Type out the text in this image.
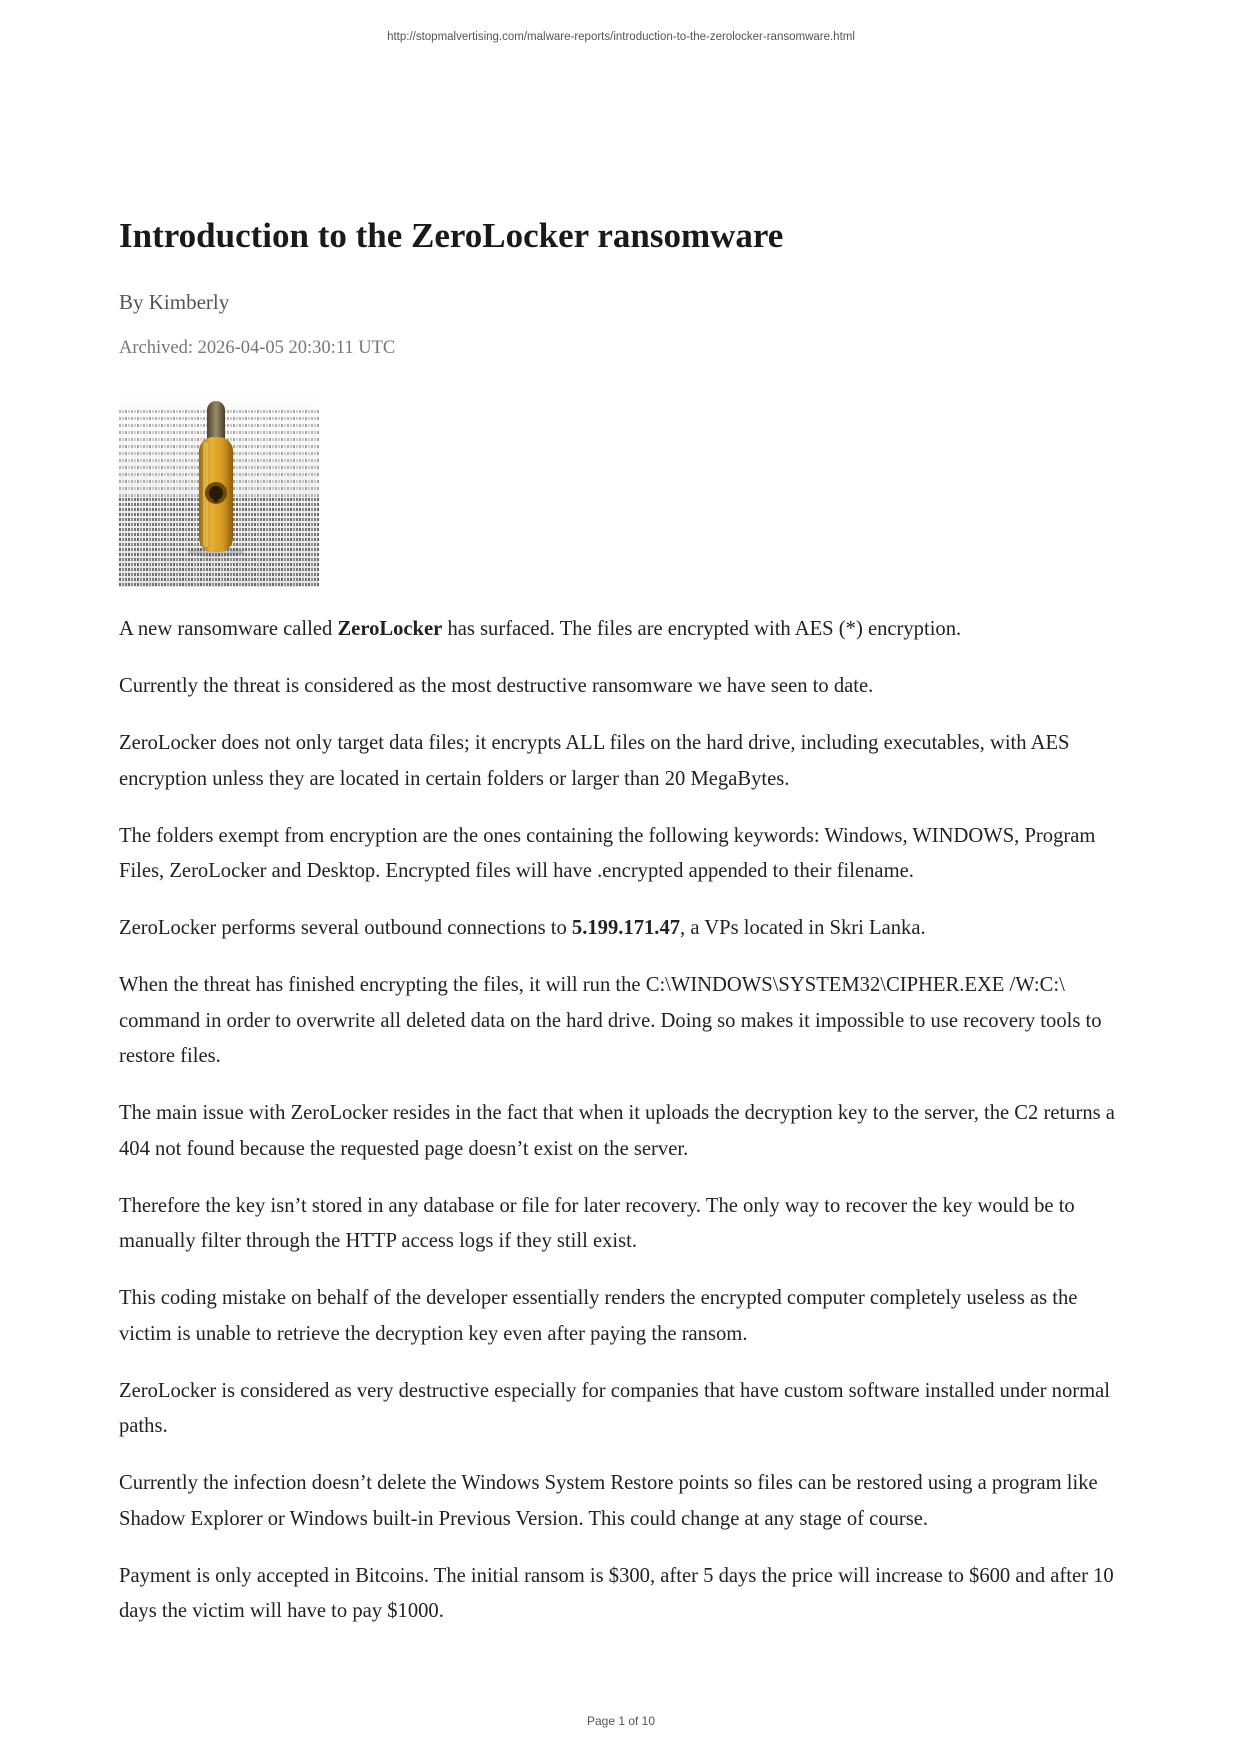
http://stopmalvertising.com/malware-reports/introduction-to-the-zerolocker-ransomware.html
Introduction to the ZeroLocker ransomware
By Kimberly
Archived: 2026-04-05 20:30:11 UTC

A new ransomware called ZeroLocker has surfaced. The files are encrypted with AES (*) encryption.

Currently the threat is considered as the most destructive ransomware we have seen to date.

ZeroLocker does not only target data files; it encrypts ALL files on the hard drive, including executables, with AES encryption unless they are located in certain folders or larger than 20 MegaBytes.

The folders exempt from encryption are the ones containing the following keywords: Windows, WINDOWS, Program Files, ZeroLocker and Desktop. Encrypted files will have .encrypted appended to their filename.

ZeroLocker performs several outbound connections to 5.199.171.47, a VPs located in Skri Lanka.

When the threat has finished encrypting the files, it will run the C:\WINDOWS\SYSTEM32\CIPHER.EXE /W:C:\ command in order to overwrite all deleted data on the hard drive. Doing so makes it impossible to use recovery tools to restore files.

The main issue with ZeroLocker resides in the fact that when it uploads the decryption key to the server, the C2 returns a 404 not found because the requested page doesn’t exist on the server.

Therefore the key isn’t stored in any database or file for later recovery. The only way to recover the key would be to manually filter through the HTTP access logs if they still exist.

This coding mistake on behalf of the developer essentially renders the encrypted computer completely useless as the victim is unable to retrieve the decryption key even after paying the ransom.

ZeroLocker is considered as very destructive especially for companies that have custom software installed under normal paths.

Currently the infection doesn’t delete the Windows System Restore points so files can be restored using a program like Shadow Explorer or Windows built-in Previous Version. This could change at any stage of course.

Payment is only accepted in Bitcoins. The initial ransom is $300, after 5 days the price will increase to $600 and after 10 days the victim will have to pay $1000.

Page 1 of 10
